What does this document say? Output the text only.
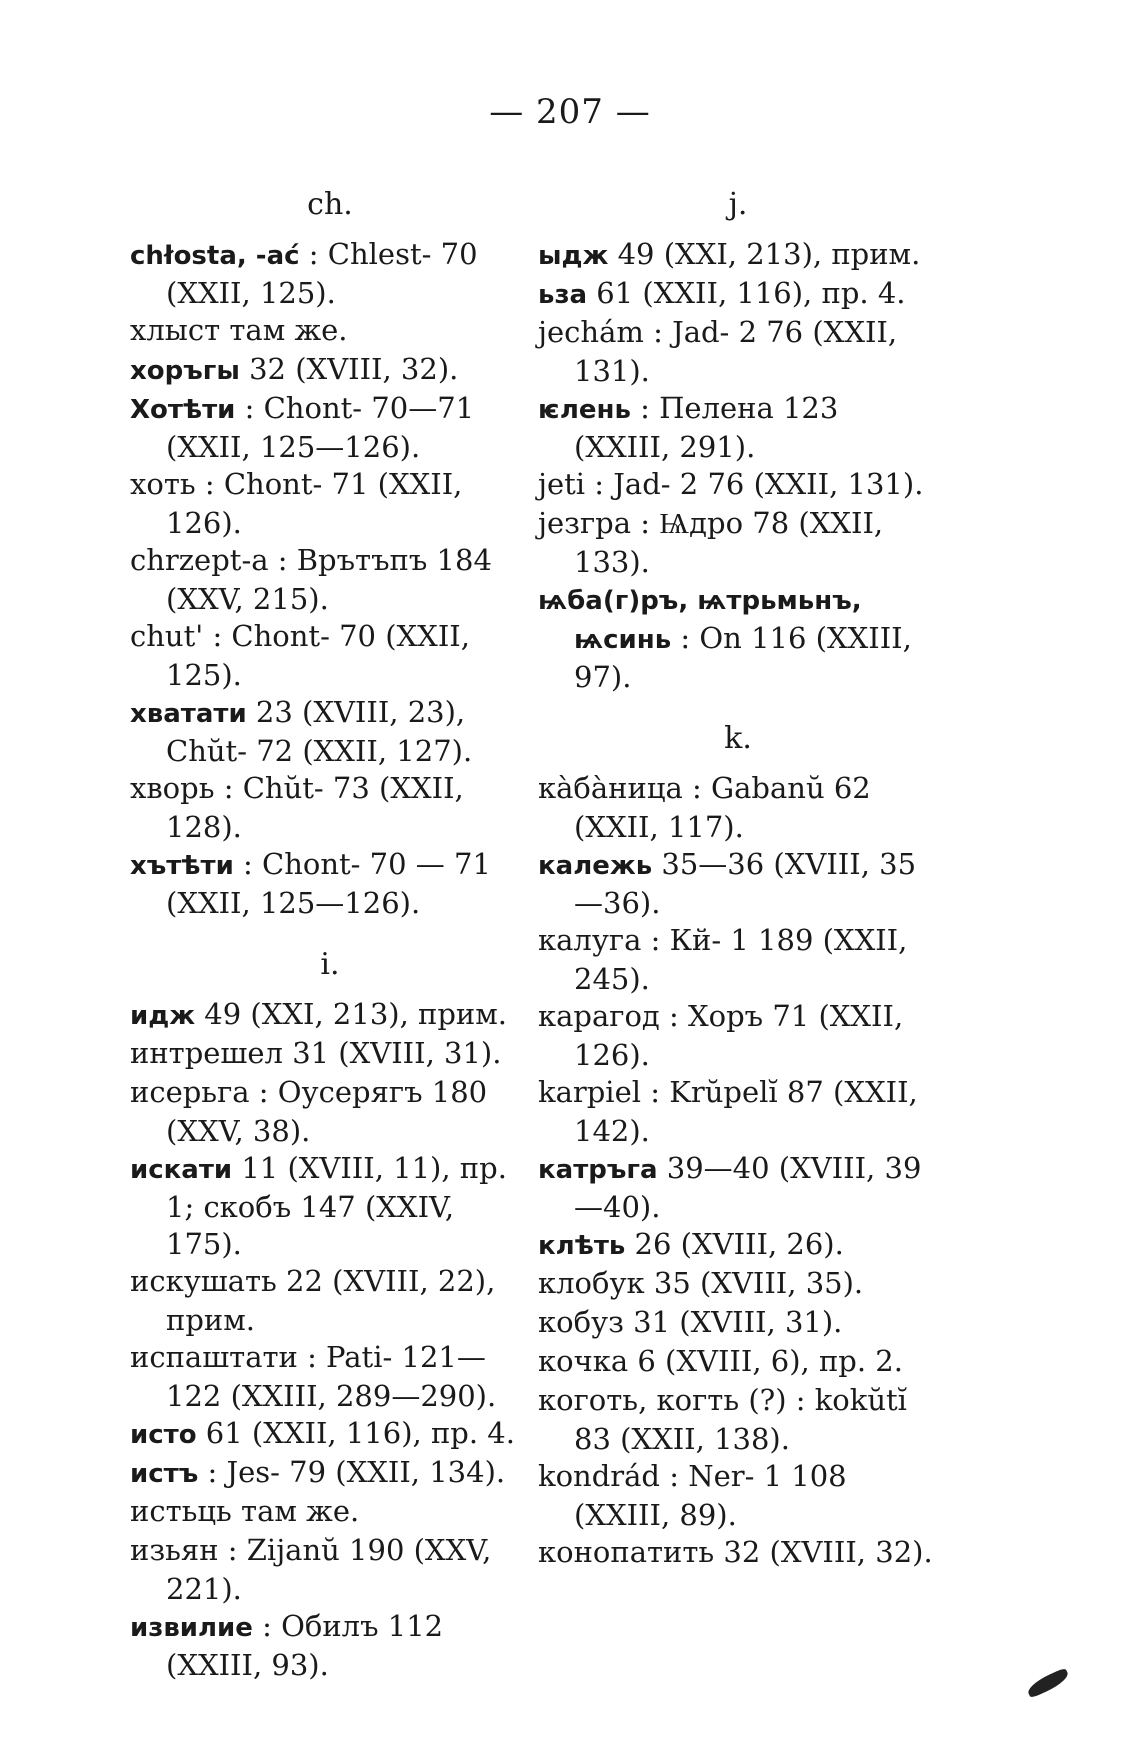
— 207 —
ch.

chłosta, -ać : Chlest- 70 (XXII, 125).

хлыст там же.

хоръгы 32 (XVIII, 32).

Хотѣти : Chont- 70—71 (XXII, 125—126).

хоть : Chont- 71 (XXII, 126).

chrzept-a : Врътъпъ 184 (XXV, 215).

chut' : Chont- 70 (XXII, 125).

хватати 23 (XVIII, 23), Chŭt- 72 (XXII, 127).

хворь : Chŭt- 73 (XXII, 128).

хътѣти : Chont- 70 — 71 (XXII, 125—126).

i.

идж 49 (XXI, 213), прим.

интрешел 31 (XVIII, 31).

исерьга : Оусерягъ 180 (XXV, 38).

искати 11 (XVIII, 11), пр. 1; скобъ 147 (XXIV, 175).

искушать 22 (XVIII, 22), прим.

испаштати : Pati- 121—122 (XXIII, 289—290).

исто 61 (XXII, 116), пр. 4.

истъ : Jes- 79 (XXII, 134).

истьць там же.

изьян : Zijanŭ 190 (XXV, 221).

извилие : Обилъ 112 (XXIII, 93).

j.

ыдж 49 (XXI, 213), прим.

ьза 61 (XXII, 116), пр. 4.

jechám : Jad- 2 76 (XXII, 131).

ѥлень : Пелена 123 (XXIII, 291).

jeti : Jad- 2 76 (XXII, 131).

jeзгра : Ѩдро 78 (XXII, 133).

ѩба(г)ръ, ѩтрьмьнъ, ѩсинь : On 116 (XXIII, 97).

k.

кàбàница : Gabanŭ 62 (XXII, 117).

калежь 35—36 (XVIII, 35—36).

калуга : Кй- 1 189 (XXII, 245).

карагод : Хоръ 71 (XXII, 126).

karpiel : Krŭpelĭ 87 (XXII, 142).

катръга 39—40 (XVIII, 39—40).

клѣть 26 (XVIII, 26).

клобук 35 (XVIII, 35).

кобуз 31 (XVIII, 31).

кочка 6 (XVIII, 6), пр. 2.

коготь, когть (?) : kokŭtĭ 83 (XXII, 138).

kondrád : Ner- 1 108 (XXIII, 89).

конопатить 32 (XVIII, 32).
